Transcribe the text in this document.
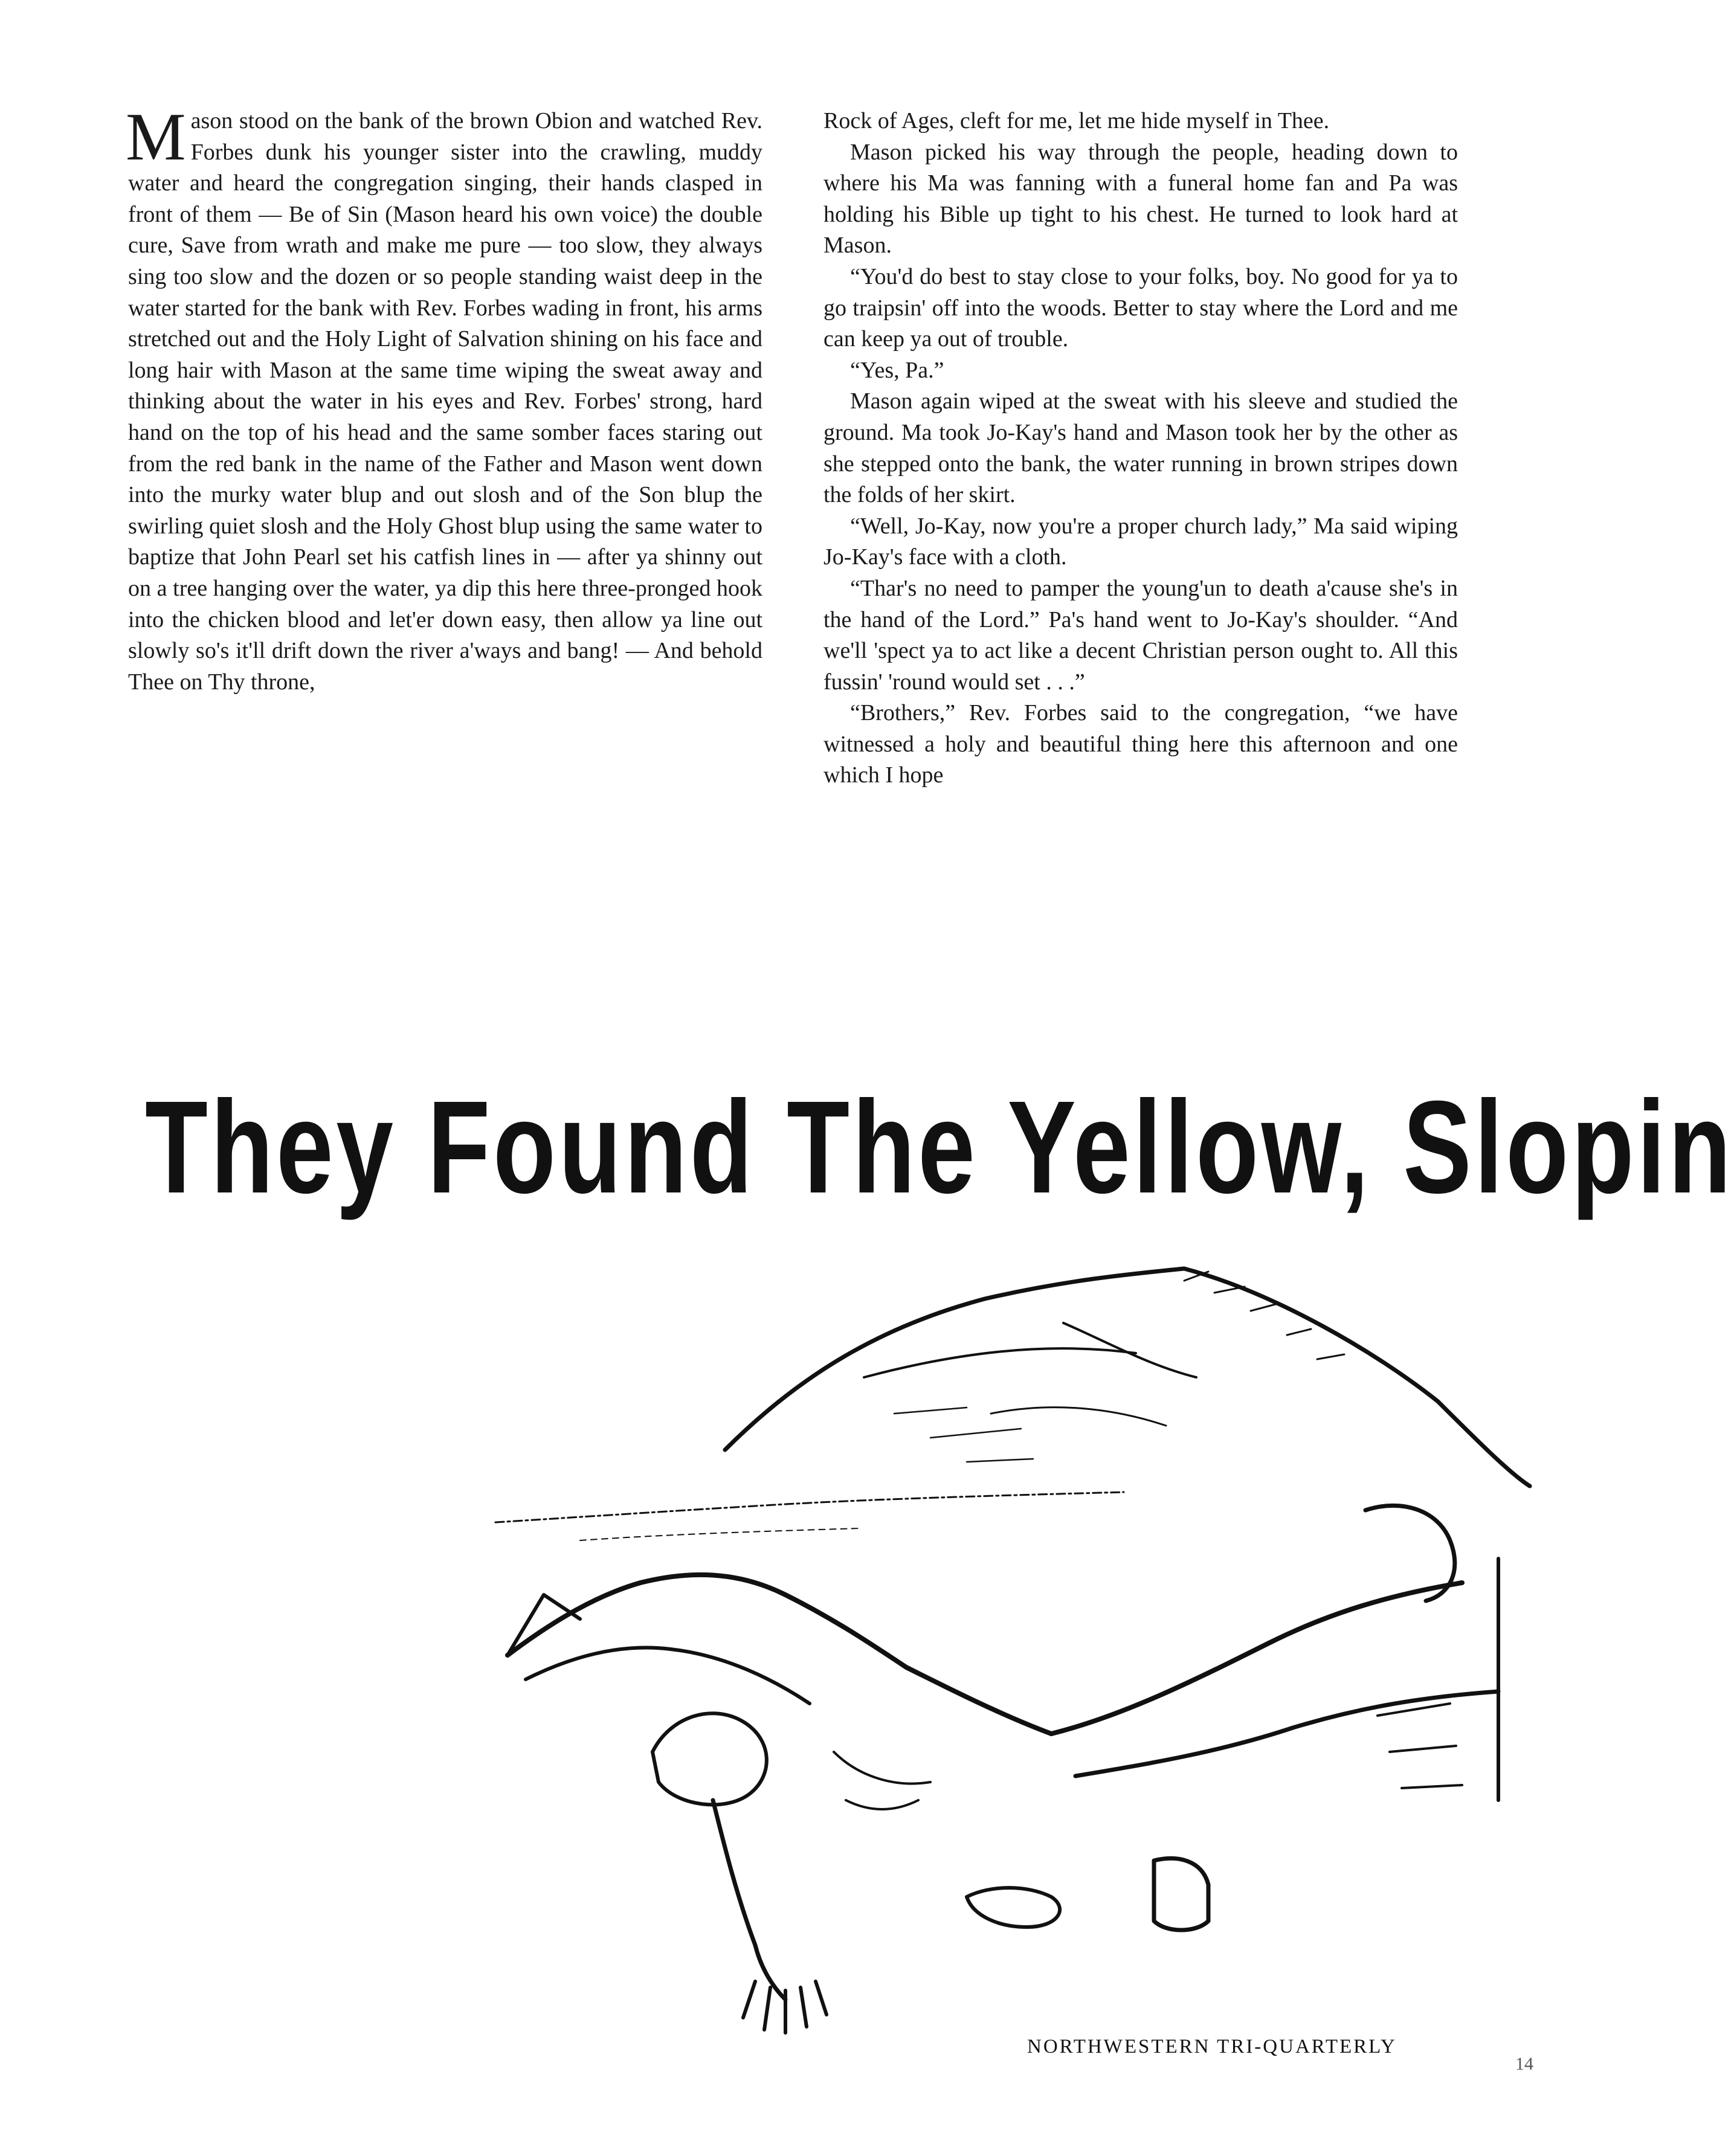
Mason stood on the bank of the brown Obion and watched Rev. Forbes dunk his younger sister into the crawling, muddy water and heard the congregation singing, their hands clasped in front of them — Be of Sin (Mason heard his own voice) the double cure, Save from wrath and make me pure — too slow, they always sing too slow and the dozen or so people standing waist deep in the water started for the bank with Rev. Forbes wading in front, his arms stretched out and the Holy Light of Salvation shining on his face and long hair with Mason at the same time wiping the sweat away and thinking about the water in his eyes and Rev. Forbes' strong, hard hand on the top of his head and the same somber faces staring out from the red bank in the name of the Father and Mason went down into the murky water blup and out slosh and of the Son blup the swirling quiet slosh and the Holy Ghost blup using the same water to baptize that John Pearl set his catfish lines in — after ya shinny out on a tree hanging over the water, ya dip this here three-pronged hook into the chicken blood and let'er down easy, then allow ya line out slowly so's it'll drift down the river a'ways and bang! — And behold Thee on Thy throne,

Rock of Ages, cleft for me, let me hide myself in Thee.

Mason picked his way through the people, heading down to where his Ma was fanning with a funeral home fan and Pa was holding his Bible up tight to his chest. He turned to look hard at Mason.

“You'd do best to stay close to your folks, boy. No good for ya to go traipsin' off into the woods. Better to stay where the Lord and me can keep ya out of trouble.

“Yes, Pa.”

Mason again wiped at the sweat with his sleeve and studied the ground. Ma took Jo-Kay's hand and Mason took her by the other as she stepped onto the bank, the water running in brown stripes down the folds of her skirt.

“Well, Jo-Kay, now you're a proper church lady,” Ma said wiping Jo-Kay's face with a cloth.

“Thar's no need to pamper the young'un to death a'cause she's in the hand of the Lord.” Pa's hand went to Jo-Kay's shoulder. “And we'll 'spect ya to act like a decent Christian person ought to. All this fussin' 'round would set . . .”

“Brothers,” Rev. Forbes said to the congregation, “we have witnessed a holy and beautiful thing here this afternoon and one which I hope

They Found The Yellow, Slopin
NORTHWESTERN TRI-QUARTERLY
14
